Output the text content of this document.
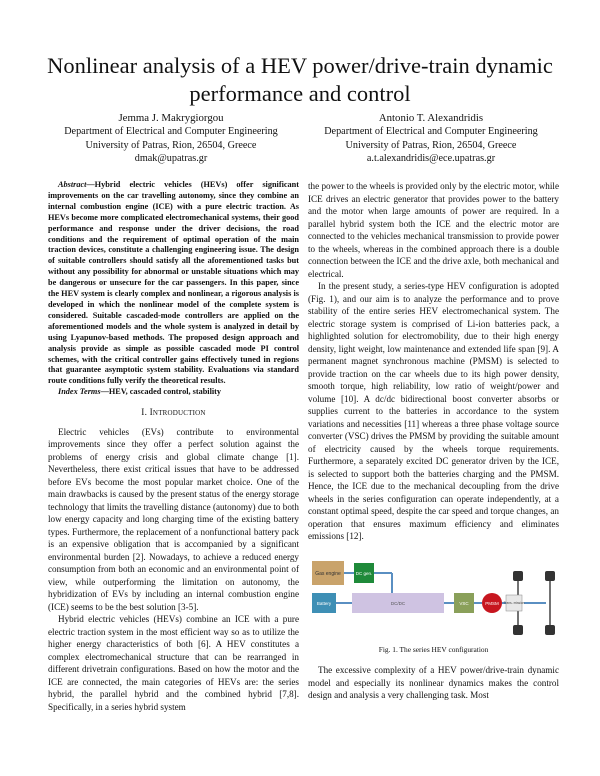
Nonlinear analysis of a HEV power/drive-train dynamic performance and control
Jemma J. Makrygiorgou
Department of Electrical and Computer Engineering
University of Patras, Rion, 26504, Greece
dmak@upatras.gr
Antonio T. Alexandridis
Department of Electrical and Computer Engineering
University of Patras, Rion, 26504, Greece
a.t.alexandridis@ece.upatras.gr

Abstract—Hybrid electric vehicles (HEVs) offer significant improvements on the car travelling autonomy, since they combine an internal combustion engine (ICE) with a pure electric traction. As HEVs become more complicated electromechanical systems, their good performance and response under the driver decisions, the road conditions and the requirement of optimal operation of the main traction devices, constitute a challenging engineering issue. The design of suitable controllers should satisfy all the aforementioned tasks but without any possibility for abnormal or unstable situations which may be dangerous or unsecure for the car passengers. In this paper, since the HEV system is clearly complex and nonlinear, a rigorous analysis is developed in which the nonlinear model of the complete system is considered. Suitable cascaded-mode controllers are applied on the aforementioned models and the whole system is analyzed in detail by using Lyapunov-based methods. The proposed design approach and analysis provide as simple as possible cascaded mode PI control schemes, with the critical controller gains effectively tuned in regions that guarantee asymptotic system stability. Evaluations via standard route conditions fully verify the theoretical results.

Index Terms—HEV, cascaded control, stability

I. Introduction

Electric vehicles (EVs) contribute to environmental improvements since they offer a perfect solution against the problems of energy crisis and global climate change [1]. Nevertheless, there exist critical issues that have to be addressed before EVs become the most popular market choice. One of the main drawbacks is caused by the present status of the energy storage technology that limits the travelling distance (autonomy) due to both low energy capacity and long charging time of the existing battery types. Furthermore, the replacement of a nonfunctional battery pack is an expensive obligation that is accompanied by a significant environmental burden [2]. Nowadays, to achieve a reduced energy consumption from both an economic and an environmental point of view, while outperforming the limitation on autonomy, the hybridization of EVs by including an internal combustion engine (ICE) seems to be the best solution [3-5].

Hybrid electric vehicles (HEVs) combine an ICE with a pure electric traction system in the most efficient way so as to utilize the higher energy characteristics of both [6]. A HEV constitutes a complex electromechanical structure that can be rearranged in different drivetrain configurations. Based on how the motor and the ICE are connected, the main categories of HEVs are: the series hybrid, the parallel hybrid and the combined hybrid [7,8]. Specifically, in a series hybrid system

the power to the wheels is provided only by the electric motor, while ICE drives an electric generator that provides power to the battery and the motor when large amounts of power are required. In a parallel hybrid system both the ICE and the electric motor are connected to the vehicles mechanical transmission to provide power to the wheels, whereas in the combined approach there is a double connection between the ICE and the drive axle, both mechanical and electrical.

In the present study, a series-type HEV configuration is adopted (Fig. 1), and our aim is to analyze the performance and to prove stability of the entire series HEV electromechanical system. The electric storage system is comprised of Li-ion batteries pack, a highlighted solution for electromobility, due to their high energy density, light weight, low maintenance and extended life span [9]. A permanent magnet synchronous machine (PMSM) is selected to provide traction on the car wheels due to its high power density, smooth torque, high reliability, low ratio of weight/power and volume [10]. A dc/dc bidirectional boost converter absorbs or supplies current to the batteries in accordance to the system variations and necessities [11] whereas a three phase voltage source converter (VSC) drives the PMSM by providing the suitable amount of electricity caused by the wheels torque requirements. Furthermore, a separately excited DC generator driven by the ICE, is selected to support both the batteries charging and the PMSM. Hence, the ICE due to the mechanical decoupling from the drive wheels in the series configuration can operate independently, at a constant optimal speed, despite the car speed and torque changes, an operation that ensures maximum efficiency and eliminates emissions [12].

Gas engine	DC gen.
Battery	DC/DC	VSC	PMSM Trans- mission
Fig. 1. The series HEV configuration

The excessive complexity of a HEV power/drive-train dynamic model and especially its nonlinear dynamics makes the control design and analysis a very challenging task. Most
